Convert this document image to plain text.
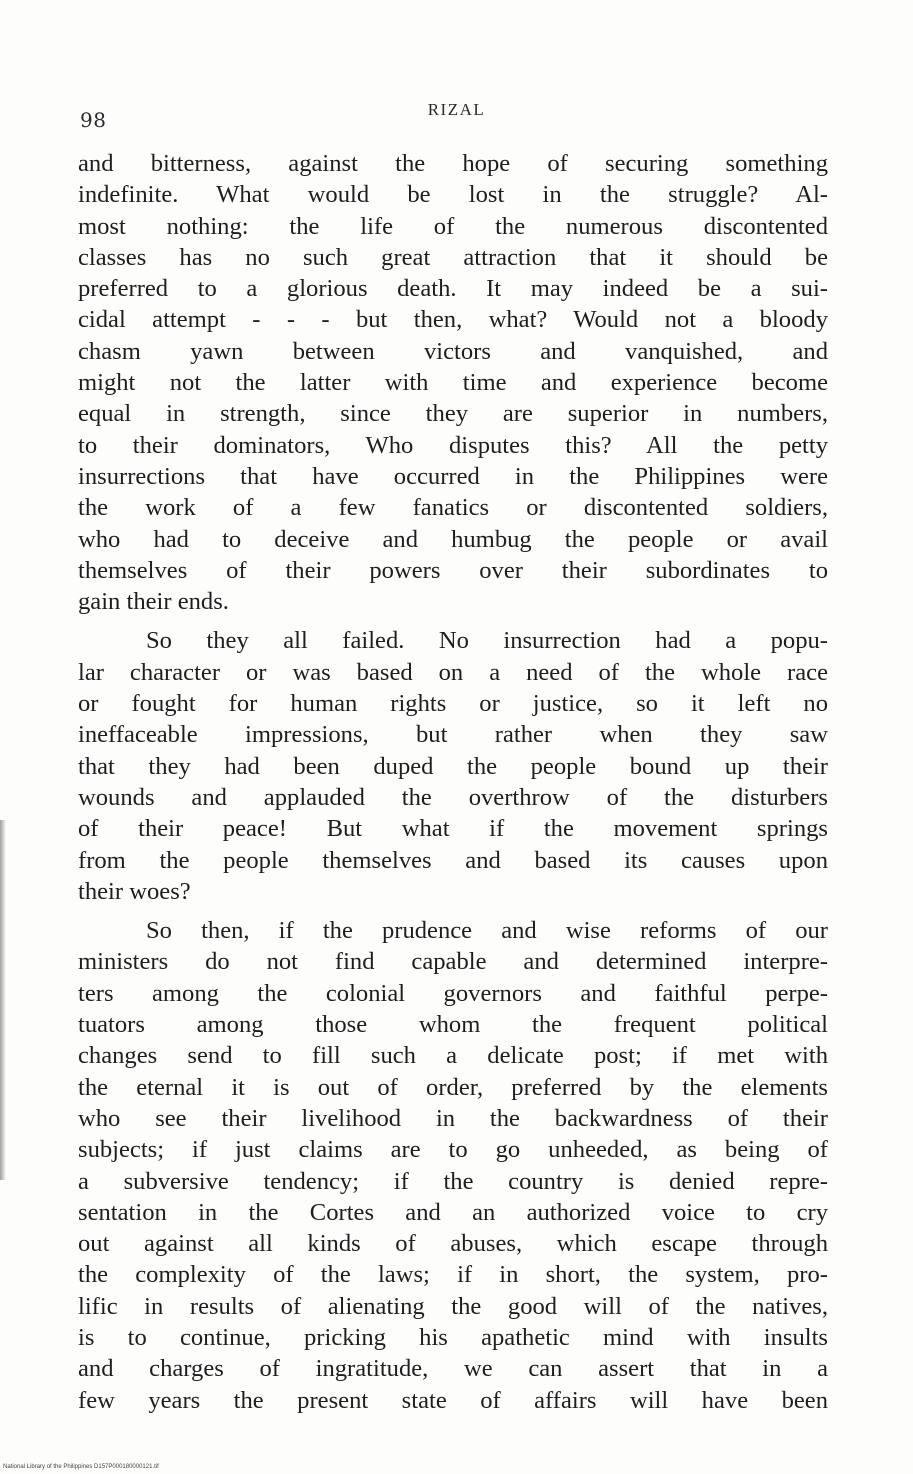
98	RIZAL
and bitterness, against the hope of securing something
indefinite. What would be lost in the struggle? Al-
most nothing: the life of the numerous discontented
classes has no such great attraction that it should be
preferred to a glorious death. It may indeed be a sui-
cidal attempt - - - but then, what? Would not a bloody
chasm yawn between victors and vanquished, and
might not the latter with time and experience become
equal in strength, since they are superior in numbers,
to their dominators, Who disputes this? All the petty
insurrections that have occurred in the Philippines were
the work of a few fanatics or discontented soldiers,
who had to deceive and humbug the people or avail
themselves of their powers over their subordinates to
gain their ends.
So they all failed. No insurrection had a popu-
lar character or was based on a need of the whole race
or fought for human rights or justice, so it left no
ineffaceable impressions, but rather when they saw
that they had been duped the people bound up their
wounds and applauded the overthrow of the disturbers
of their peace! But what if the movement springs
from the people themselves and based its causes upon
their woes?
So then, if the prudence and wise reforms of our
ministers do not find capable and determined interpre-
ters among the colonial governors and faithful perpe-
tuators among those whom the frequent political
changes send to fill such a delicate post; if met with
the eternal it is out of order, preferred by the elements
who see their livelihood in the backwardness of their
subjects; if just claims are to go unheeded, as being of
a subversive tendency; if the country is denied repre-
sentation in the Cortes and an authorized voice to cry
out against all kinds of abuses, which escape through
the complexity of the laws; if in short, the system, pro-
lific in results of alienating the good will of the natives,
is to continue, pricking his apathetic mind with insults
and charges of ingratitude, we can assert that in a
few years the present state of affairs will have been
National Library of the Philippines D157P000180000121.tif
